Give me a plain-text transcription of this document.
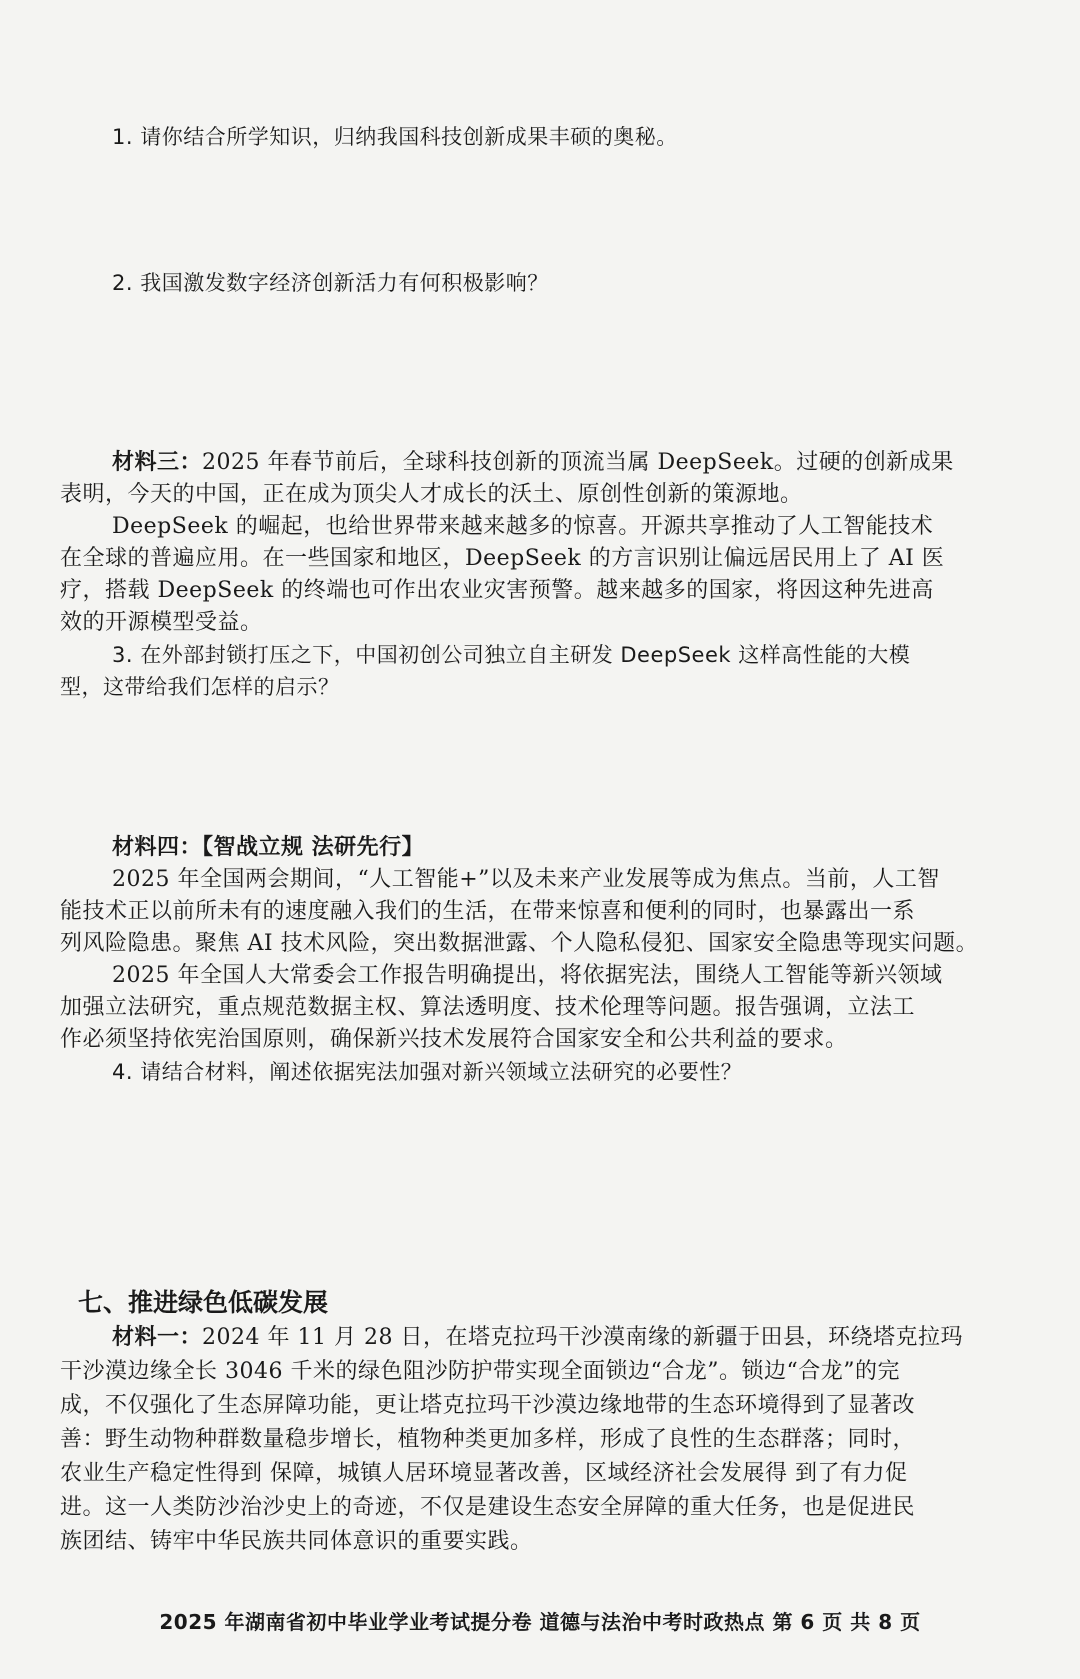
1. 请你结合所学知识，归纳我国科技创新成果丰硕的奥秘。
2. 我国激发数字经济创新活力有何积极影响？
材料三：2025 年春节前后，全球科技创新的顶流当属 DeepSeek。过硬的创新成果
表明，今天的中国，正在成为顶尖人才成长的沃土、原创性创新的策源地。
DeepSeek 的崛起，也给世界带来越来越多的惊喜。开源共享推动了人工智能技术
在全球的普遍应用。在一些国家和地区，DeepSeek 的方言识别让偏远居民用上了 AI 医
疗，搭载 DeepSeek 的终端也可作出农业灾害预警。越来越多的国家，将因这种先进高
效的开源模型受益。
3. 在外部封锁打压之下，中国初创公司独立自主研发 DeepSeek 这样高性能的大模
型，这带给我们怎样的启示？
材料四：【智战立规 法研先行】
2025 年全国两会期间，“人工智能+”以及未来产业发展等成为焦点。当前，人工智
能技术正以前所未有的速度融入我们的生活，在带来惊喜和便利的同时，也暴露出一系
列风险隐患。聚焦 AI 技术风险，突出数据泄露、个人隐私侵犯、国家安全隐患等现实问题。
2025 年全国人大常委会工作报告明确提出，将依据宪法，围绕人工智能等新兴领域
加强立法研究，重点规范数据主权、算法透明度、技术伦理等问题。报告强调，立法工
作必须坚持依宪治国原则，确保新兴技术发展符合国家安全和公共利益的要求。
4. 请结合材料，阐述依据宪法加强对新兴领域立法研究的必要性？
七、推进绿色低碳发展
材料一：2024 年 11 月 28 日，在塔克拉玛干沙漠南缘的新疆于田县，环绕塔克拉玛
干沙漠边缘全长 3046 千米的绿色阻沙防护带实现全面锁边“合龙”。锁边“合龙”的完
成，不仅强化了生态屏障功能，更让塔克拉玛干沙漠边缘地带的生态环境得到了显著改
善：野生动物种群数量稳步增长，植物种类更加多样，形成了良性的生态群落；同时，
农业生产稳定性得到 保障，城镇人居环境显著改善，区域经济社会发展得 到了有力促
进。这一人类防沙治沙史上的奇迹，不仅是建设生态安全屏障的重大任务，也是促进民
族团结、铸牢中华民族共同体意识的重要实践。
2025 年湖南省初中毕业学业考试提分卷 道德与法治中考时政热点 第 6 页 共 8 页
